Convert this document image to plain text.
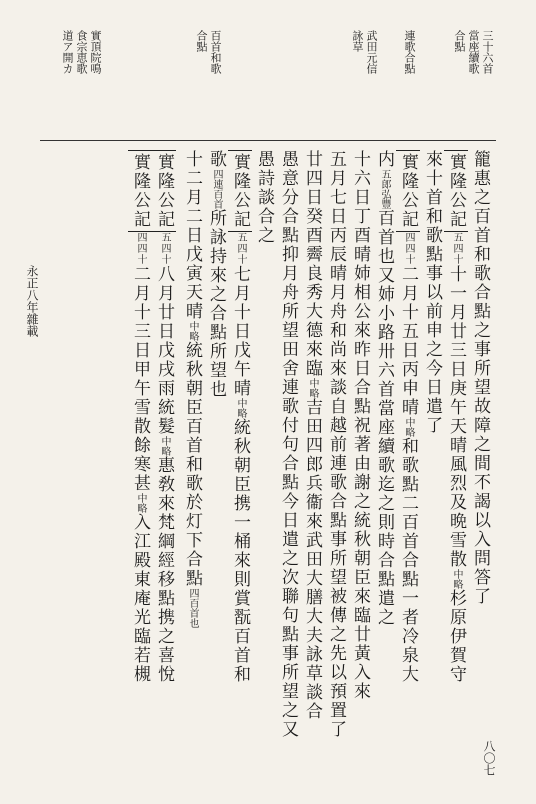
三十六首
當座續歌
合點
連歌合點
武田元信
詠草
百首和歌
合點
實頂院鳴
食宗恵歌
道ア開カ
籠惠之百首和歌合點之事所望故障之間不謁以入問答了
實隆公記五四十十一月廿三日庚午天晴風烈及晩雪散中略杉原伊賀守
來十首和歌點事以前申之今日遣了
實隆公記四四十二月十五日丙申晴中略和歌點二百首合點一者冷泉大
内五郎弘豐百首也又姉小路卅六首當座續歌迄之則時合點遣之
十六日丁酉晴姉相公來昨日合點祝著由謝之統秋朝臣來臨廿黃入來
五月七日丙辰晴月舟和尚來談自越前連歌合點事所望被傳之先以預置了
廿四日癸酉霽良秀大德來臨中略吉田四郎兵衞來武田大膳大夫詠草談合
愚意分合點抑月舟所望田舍連歌付句合點今日遣之次聯句點事所望之又
愚詩談合之
實隆公記五四十七月十日戊午晴中略統秋朝臣携一桶來則賞翫百首和
歌四連百首所詠持來之合點所望也
十二月二日戊寅天晴中略統秋朝臣百首和歌於灯下合點四百首也
實隆公記五四十八月廿日戊戌雨統髮中略惠敎來梵綱經移點携之喜悅
實隆公記四四十二月十三日甲午雪散餘寒甚中略入江殿東庵光臨若槻
永正八年雜載
八〇七
